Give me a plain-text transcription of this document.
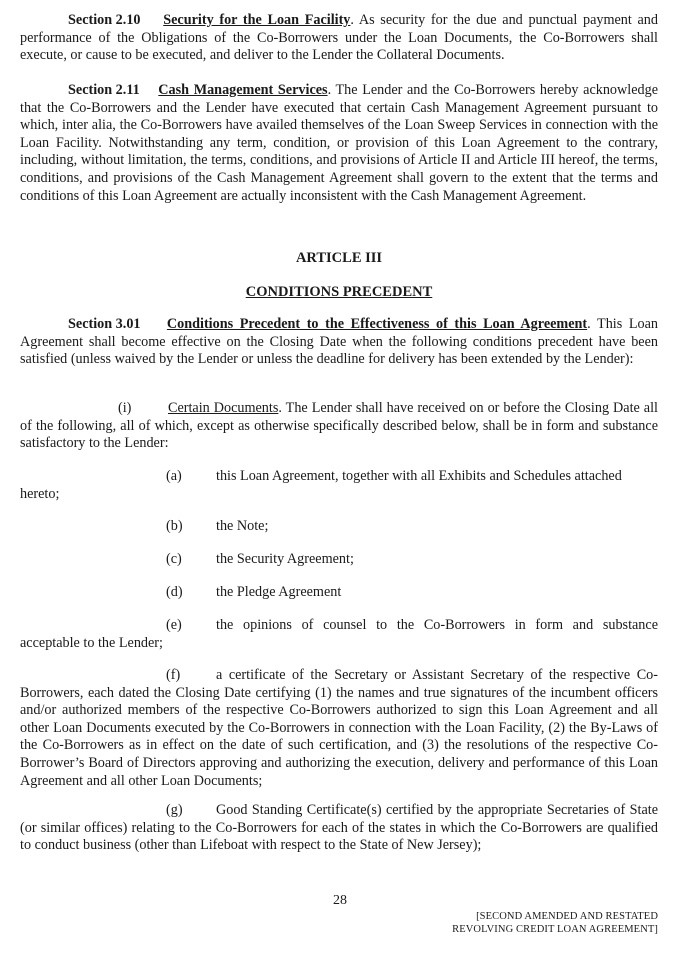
Section 2.10 Security for the Loan Facility. As security for the due and punctual payment and performance of the Obligations of the Co-Borrowers under the Loan Documents, the Co-Borrowers shall execute, or cause to be executed, and deliver to the Lender the Collateral Documents.

Section 2.11 Cash Management Services. The Lender and the Co-Borrowers hereby acknowledge that the Co-Borrowers and the Lender have executed that certain Cash Management Agreement pursuant to which, inter alia, the Co-Borrowers have availed themselves of the Loan Sweep Services in connection with the Loan Facility. Notwithstanding any term, condition, or provision of this Loan Agreement to the contrary, including, without limitation, the terms, conditions, and provisions of Article II and Article III hereof, the terms, conditions, and provisions of the Cash Management Agreement shall govern to the extent that the terms and conditions of this Loan Agreement are actually inconsistent with the Cash Management Agreement.

ARTICLE III

CONDITIONS PRECEDENT

Section 3.01 Conditions Precedent to the Effectiveness of this Loan Agreement. This Loan Agreement shall become effective on the Closing Date when the following conditions precedent have been satisfied (unless waived by the Lender or unless the deadline for delivery has been extended by the Lender):

(i)	Certain Documents. The Lender shall have received on or before the Closing Date all of the following, all of which, except as otherwise specifically described below, shall be in form and substance satisfactory to the Lender:

(a) this Loan Agreement, together with all Exhibits and Schedules attached
hereto;
(b) the Note;
(c) the Security Agreement;
(d) the Pledge Agreement
(e) the opinions of counsel to the Co-Borrowers in form and substance
acceptable to the Lender;

(f)	a certificate of the Secretary or Assistant Secretary of the respective Co-Borrowers, each dated the Closing Date certifying (1) the names and true signatures of the incumbent officers and/or authorized members of the respective Co-Borrowers authorized to sign this Loan Agreement and all other Loan Documents executed by the Co-Borrowers in connection with the Loan Facility, (2) the By-Laws of the Co-Borrowers as in effect on the date of such certification, and (3) the resolutions of the respective Co-Borrower’s Board of Directors approving and authorizing the execution, delivery and performance of this Loan Agreement and all other Loan Documents;

(g) Good Standing Certificate(s) certified by the appropriate Secretaries of State (or similar offices) relating to the Co-Borrowers for each of the states in which the Co-Borrowers are qualified to conduct business (other than Lifeboat with respect to the State of New Jersey);

28
[SECOND AMENDED AND RESTATED
REVOLVING CREDIT LOAN AGREEMENT]
